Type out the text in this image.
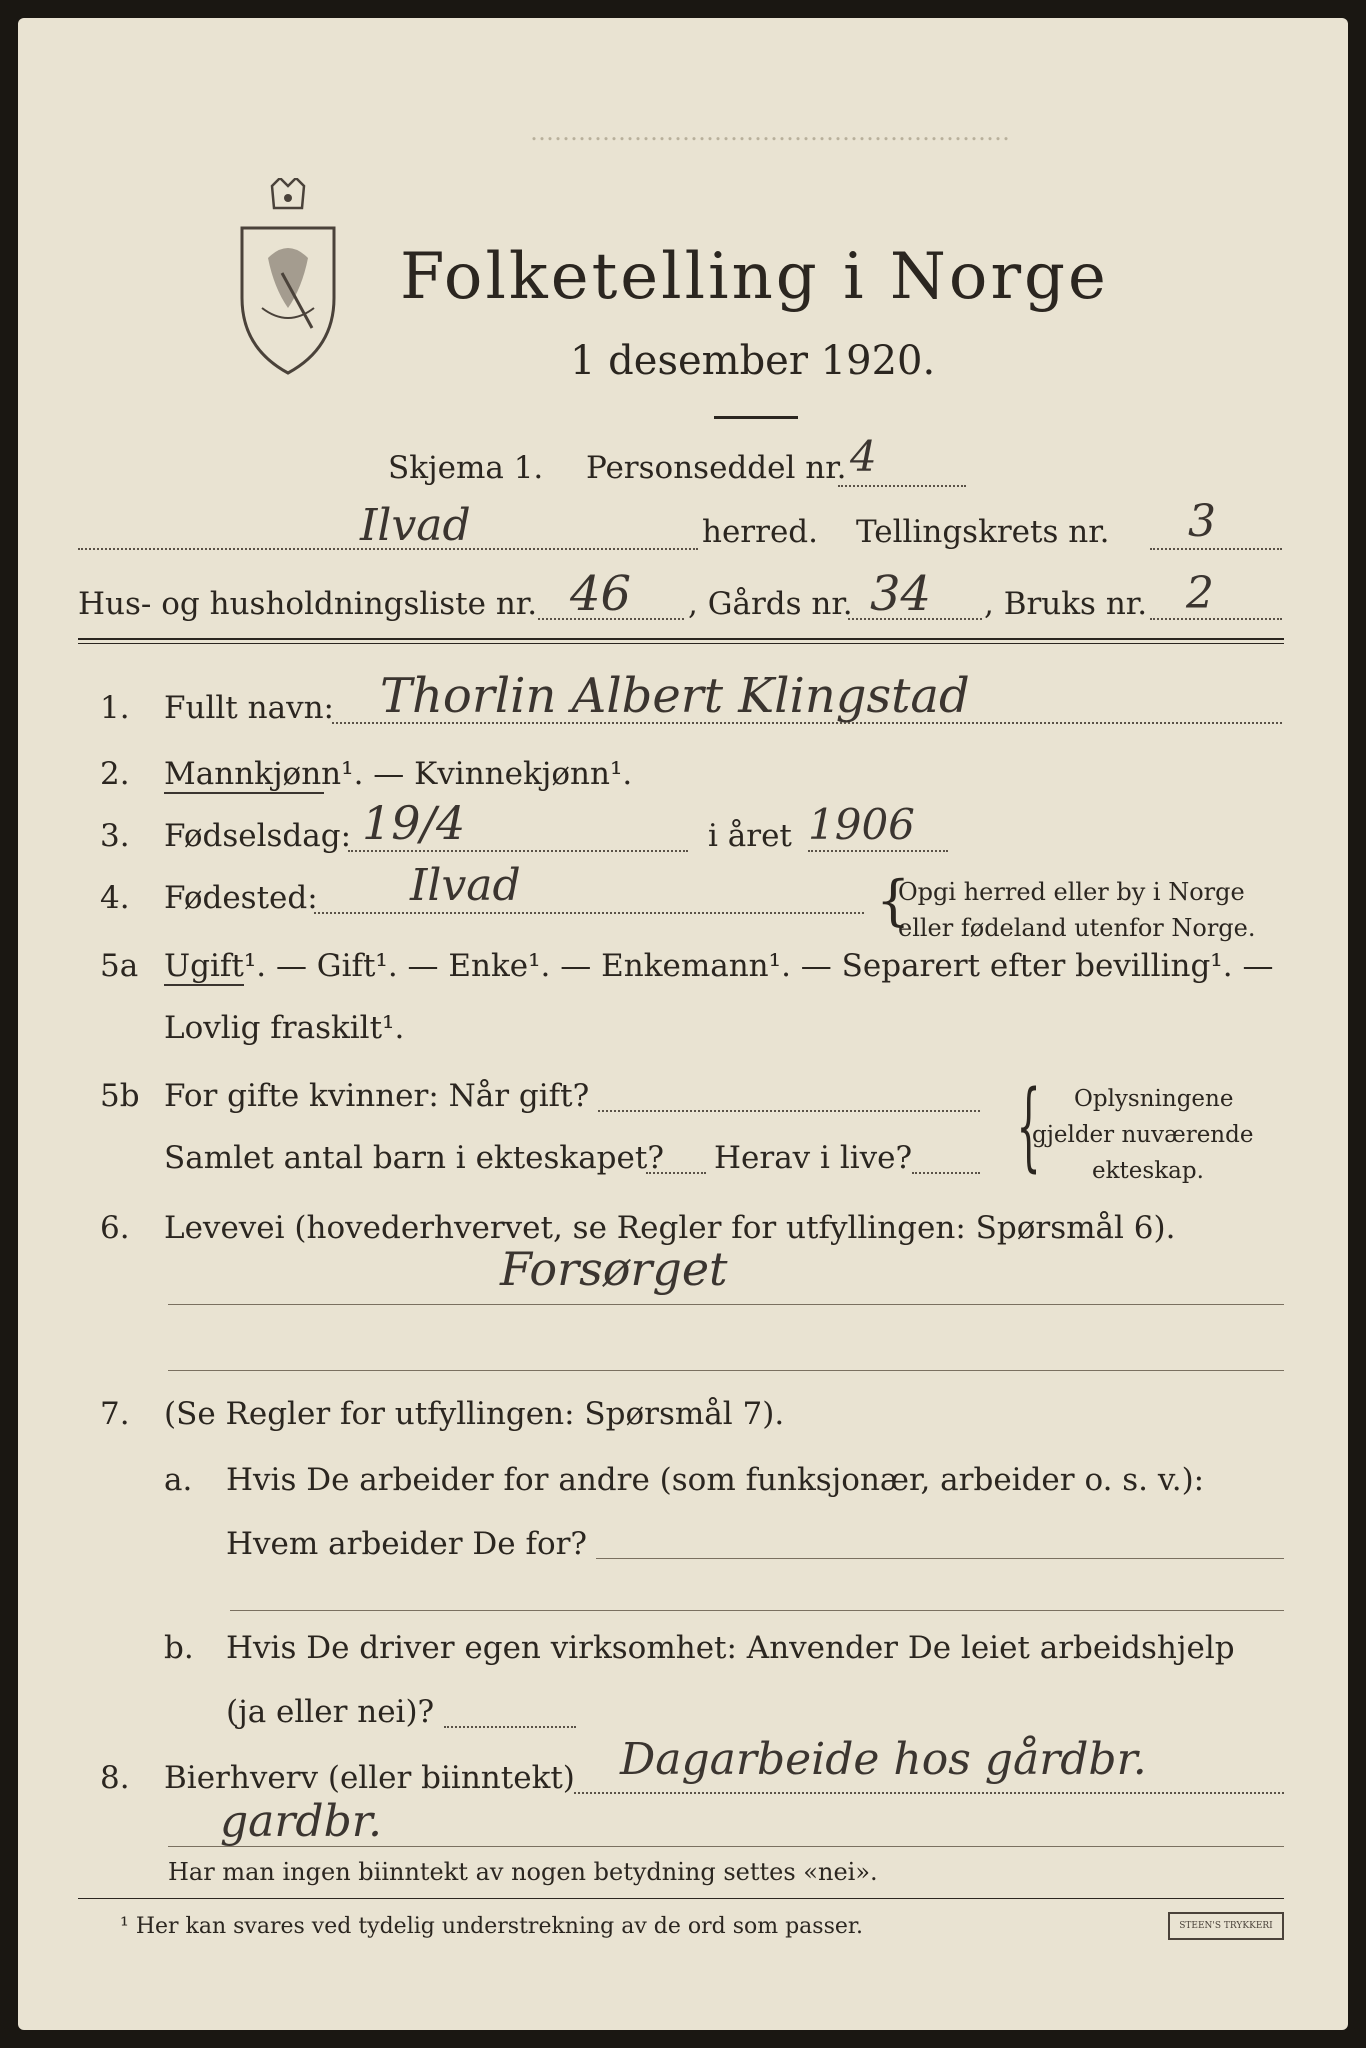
……………………………………………………
Folketelling i Norge
1 desember 1920.
Skjema 1. Personseddel nr. 4
Ilvad	herred. Tellingskrets nr. 3
Hus- og husholdningsliste nr. 46 , Gårds nr. 34 , Bruks nr. 2
1. Fullt navn: Thorlin Albert Klingstad
2. Mannkjønn¹. — Kvinnekjønn¹.
3. Fødselsdag: 19/4	i året 1906
4. Fødested: Ilvad	{
Opgi herred eller by i Norge
eller fødeland utenfor Norge.
5a Ugift¹. — Gift¹. — Enke¹. — Enkemann¹. — Separert efter bevilling¹. —
Lovlig fraskilt¹.
5b For gifte kvinner: Når gift?
Samlet antal barn i ekteskapet? Herav i live? { Oplysningene
gjelder nuværende
ekteskap.
6. Levevei (hovederhvervet, se Regler for utfyllingen: Spørsmål 6).
Forsørget
7. (Se Regler for utfyllingen: Spørsmål 7).
a. Hvis De arbeider for andre (som funksjonær, arbeider o. s. v.):
Hvem arbeider De for?
b. Hvis De driver egen virksomhet: Anvender De leiet arbeidshjelp
(ja eller nei)?
8. Bierhverv (eller biinntekt) Dagarbeide hos gårdbr.
gardbr.
Har man ingen biinntekt av nogen betydning settes «nei».
¹ Her kan svares ved tydelig understrekning av de ord som passer.	STEEN'S TRYKKERI
